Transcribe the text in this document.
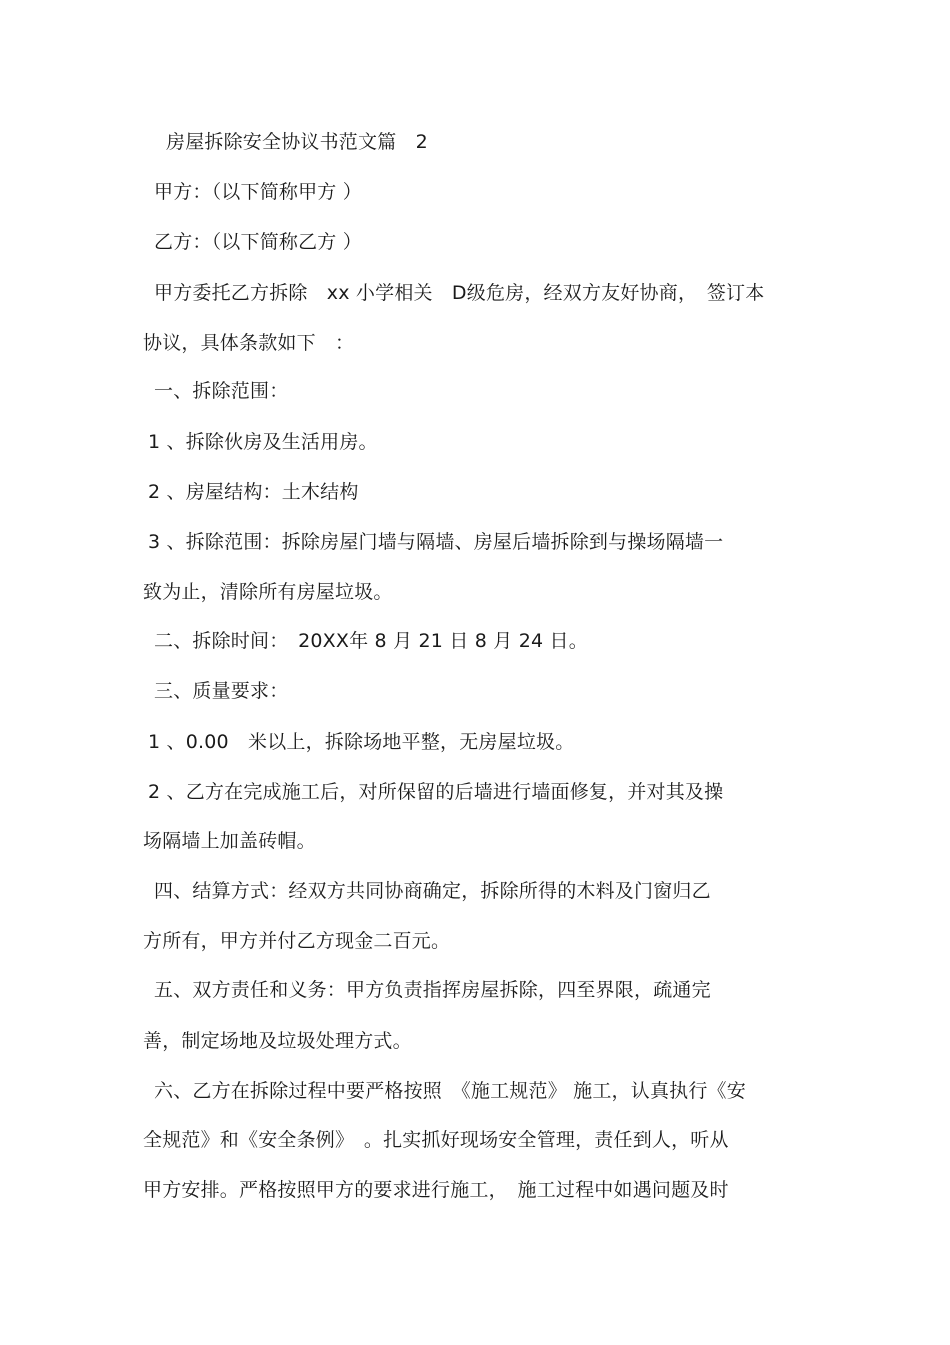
房屋拆除安全协议书范文篇　2
甲方：（以下简称甲方 ）
乙方：（以下简称乙方 ）
甲方委托乙方拆除　xx 小学相关　D级危房，经双方友好协商，　签订本
协议，具体条款如下　：
一、拆除范围：
1 、拆除伙房及生活用房。
2 、房屋结构：土木结构
3 、拆除范围：拆除房屋门墙与隔墙、房屋后墙拆除到与操场隔墙一
致为止，清除所有房屋垃圾。
二、拆除时间：　20XX年 8 月 21 日 8 月 24 日。
三、质量要求：
1 、0.00　米以上，拆除场地平整，无房屋垃圾。
2 、乙方在完成施工后，对所保留的后墙进行墙面修复，并对其及操
场隔墙上加盖砖帽。
四、结算方式：经双方共同协商确定，拆除所得的木料及门窗归乙
方所有，甲方并付乙方现金二百元。
五、双方责任和义务：甲方负责指挥房屋拆除，四至界限，疏通完
善，制定场地及垃圾处理方式。
六、乙方在拆除过程中要严格按照　《施工规范》 施工，认真执行《安
全规范》和《安全条例》　。扎实抓好现场安全管理，责任到人，听从
甲方安排。严格按照甲方的要求进行施工，　施工过程中如遇问题及时
